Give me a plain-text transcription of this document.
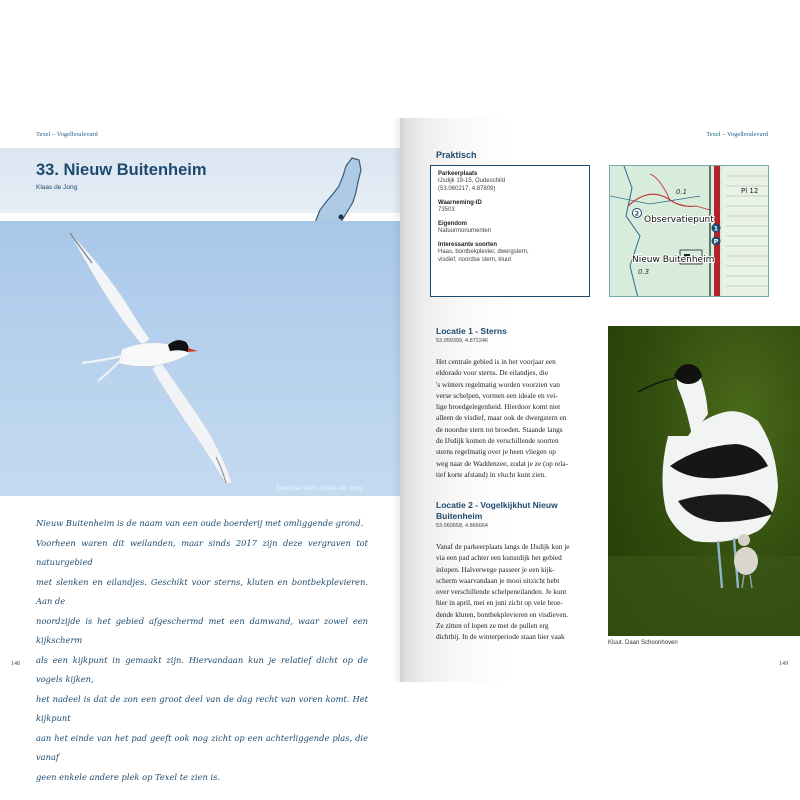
Texel – Vogelboulevard
33. Nieuw Buitenheim
Klaas de Jong
Noordse stern. Klaas de Jong
Nieuw Buitenheim is de naam van een oude boerderij met omliggende grond.
Voorheen waren dit weilanden, maar sinds 2017 zijn deze vergraven tot natuurgebied
met slenken en eilandjes. Geschikt voor sterns, kluten en bontbekplevieren. Aan de
noordzijde is het gebied afgeschermd met een damwand, waar zowel een kijkscherm
als een kijkpunt in gemaakt zijn. Hiervandaan kun je relatief dicht op de vogels kijken,
het nadeel is dat de zon een groot deel van de dag recht van voren komt. Het kijkpunt
aan het einde van het pad geeft ook nog zicht op een achterliggende plas, die vanaf
geen enkele andere plek op Texel te zien is.
148
Texel – Vogelboulevard
Praktisch
Parkeerplaats
IJsdijk 19-15, Oudeschild
(53.060217, 4.87809)
Waarneming-ID
73503
Eigendom
Natuurmonumenten
Interessante soorten
Haas, bontbekplevier, dwergstern,
visdief, noordse stern, kluut
0.1	Pl 12
2
Observatiepunt
1
P
Nieuw Buitenheim
0.3
Locatie 1 - Sterns
53.059399, 4.872246
Het centrale gebied is in het voorjaar een
eldorado voor sterns. De eilandjes, die
's winters regelmatig worden voorzien van
verse schelpen, vormen een ideale en vei-
lige broedgelegenheid. Hierdoor komt niet
alleen de visdief, maar ook de dwergstern en
de noordse stern tot broeden. Staande langs
de IJsdijk komen de verschillende soorten
sterns regelmatig over je heen vliegen op
weg naar de Waddenzee, zodat je ze (op rela-
tief korte afstand) in vlucht kunt zien.
Locatie 2 - Vogelkijkhut Nieuw
Buitenheim
53.060658, 4.866664
Vanaf de parkeerplaats langs de IJsdijk kun je
via een pad achter een kunstdijk het gebied
inlopen. Halverwege passeer je een kijk-
scherm waarvandaan je mooi uitzicht hebt
over verschillende schelpeneilanden. Je kunt
hier in april, mei en juni zicht op vele broe-
dende kluten, bontbekplevieren en visdieven.
Ze zitten of lopen ze met de pullen erg
dichtbij. In de winterperiode staan hier vaak
Kluut. Daan Schoonhoven
149
